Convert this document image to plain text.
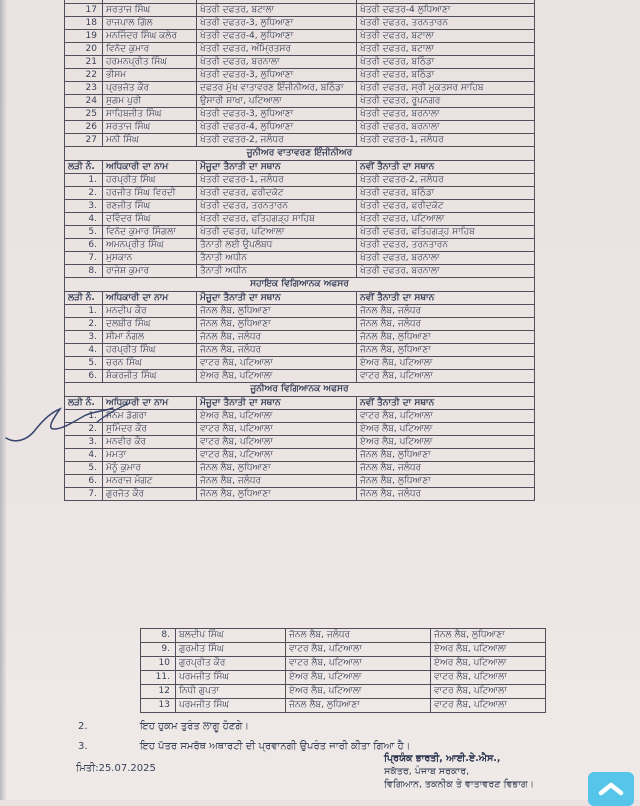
17	ਸਰਤਾਜ ਸਿੰਘ	ਖੇਤਰੀ ਦਫਤਰ, ਬਟਾਲਾ	ਖੇਤਰੀ ਦਫਤਰ-4 ਲੁਧਿਆਣਾ
18	ਰਾਜਪਾਲ ਗਿੱਲ	ਖੇਤਰੀ ਦਫਤਰ-3, ਲੁਧਿਆਣਾ	ਖੇਤਰੀ ਦਫਤਰ, ਤਰਨਤਾਰਨ
19	ਮਨਜਿੰਦਰ ਸਿੰਘ ਕਲੇਰ	ਖੇਤਰੀ ਦਫਤਰ-4, ਲੁਧਿਆਣਾ	ਖੇਤਰੀ ਦਫਤਰ, ਬਟਾਲਾ
20	ਵਿਨੋਦ ਕੁਮਾਰ	ਖੇਤਰੀ ਦਫਤਰ, ਅੰਮ੍ਰਿਤਸਰ	ਖੇਤਰੀ ਦਫਤਰ, ਬਟਾਲਾ
21	ਹਰਮਨਪ੍ਰੀਤ ਸਿੰਘ	ਖੇਤਰੀ ਦਫਤਰ, ਬਰਨਾਲਾ	ਖੇਤਰੀ ਦਫਤਰ, ਬਠਿੰਡਾ
22	ਭੀਸਮ	ਖੇਤਰੀ ਦਫਤਰ-3, ਲੁਧਿਆਣਾ	ਖੇਤਰੀ ਦਫਤਰ, ਬਠਿੰਡਾ
23	ਪ੍ਰਭਜੋਤ ਕੌਰ	ਦਫਤਰ ਮੁੱਖ ਵਾਤਾਵਰਣ ਇੰਜੀਨੀਅਰ, ਬਠਿੰਡਾ	ਖੇਤਰੀ ਦਫਤਰ, ਸ੍ਰੀ ਮੁਕਤਸਰ ਸਾਹਿਬ
24	ਸੁਗਮ ਪੁਰੀ	ਉਸਾਰੀ ਸ਼ਾਖਾ, ਪਟਿਆਲਾ	ਖੇਤਰੀ ਦਫਤਰ, ਰੂਪਨਗਰ
25	ਸਾਹਿਬਜੀਤ ਸਿੰਘ	ਖੇਤਰੀ ਦਫਤਰ-3, ਲੁਧਿਆਣਾ	ਖੇਤਰੀ ਦਫਤਰ, ਬਰਨਾਲਾ
26	ਸਰਤਾਜ ਸਿੰਘ	ਖੇਤਰੀ ਦਫਤਰ-4, ਲੁਧਿਆਣਾ	ਖੇਤਰੀ ਦਫਤਰ, ਬਰਨਾਲਾ
27	ਮਨੀ ਸਿੰਘ	ਖੇਤਰੀ ਦਫਤਰ-2, ਜਲੰਧਰ	ਖੇਤਰੀ ਦਫਤਰ-1, ਜਲੰਧਰ
ਜੂਨੀਅਰ ਵਾਤਾਵਰਣ ਇੰਜੀਨੀਅਰ			
ਲੜੀ ਨੰ.	ਅਧਿਕਾਰੀ ਦਾ ਨਾਮ	ਮੌਜੂਦਾ ਤੈਨਾਤੀ ਦਾ ਸਥਾਨ	ਨਵੀਂ ਤੈਨਾਤੀ ਦਾ ਸਥਾਨ
1.	ਹਰਪ੍ਰੀਤ ਸਿੰਘ	ਖੇਤਰੀ ਦਫਤਰ-1, ਜਲੰਧਰ	ਖੇਤਰੀ ਦਫਤਰ-2, ਜਲੰਧਰ
2.	ਹਰਜੀਤ ਸਿੰਘ ਵਿਰਦੀ	ਖੇਤਰੀ ਦਫਤਰ, ਫਰੀਦਕੋਟ	ਖੇਤਰੀ ਦਫਤਰ, ਬਠਿੰਡਾ
3.	ਰਣਜੀਤ ਸਿੰਘ	ਖੇਤਰੀ ਦਫਤਰ, ਤਰਨਤਾਰਨ	ਖੇਤਰੀ ਦਫਤਰ, ਫਰੀਦਕੋਟ
4.	ਦਵਿੰਦਰ ਸਿੰਘ	ਖੇਤਰੀ ਦਫਤਰ, ਫਤਿਹਗੜ੍ਹ ਸਾਹਿਬ	ਖੇਤਰੀ ਦਫਤਰ, ਪਟਿਆਲਾ
5.	ਵਿਨੋਦ ਕੁਮਾਰ ਸਿੰਗਲਾ	ਖੇਤਰੀ ਦਫਤਰ, ਪਟਿਆਲਾ	ਖੇਤਰੀ ਦਫਤਰ, ਫਤਿਹਗੜ੍ਹ ਸਾਹਿਬ
6.	ਅਮਨਪ੍ਰੀਤ ਸਿੰਘ	ਤੈਨਾਤੀ ਲਈ ਉਪਲੱਬਧ	ਖੇਤਰੀ ਦਫਤਰ, ਤਰਨਤਾਰਨ
7.	ਮੁਸਕਾਨ	ਤੈਨਾਤੀ ਅਧੀਨ	ਖੇਤਰੀ ਦਫਤਰ, ਬਰਨਾਲਾ
8.	ਰਾਜੇਸ਼ ਕੁਮਾਰ	ਤੈਨਾਤੀ ਅਧੀਨ	ਖੇਤਰੀ ਦਫਤਰ, ਬਰਨਾਲਾ
ਸਹਾਇਕ ਵਿਗਿਆਨਕ ਅਫਸਰ			
ਲੜੀ ਨੰ.	ਅਧਿਕਾਰੀ ਦਾ ਨਾਮ	ਮੌਜੂਦਾ ਤੈਨਾਤੀ ਦਾ ਸਥਾਨ	ਨਵੀਂ ਤੈਨਾਤੀ ਦਾ ਸਥਾਨ
1.	ਮਨਦੀਪ ਕੌਰ	ਜੋਨਲ ਲੈਬ, ਲੁਧਿਆਣਾ	ਜੋਨਲ ਲੈਬ, ਜਲੰਧਰ
2.	ਦਲਬੀਰ ਸਿੰਘ	ਜੋਨਲ ਲੈਬ, ਲੁਧਿਆਣਾ	ਜੋਨਲ ਲੈਬ, ਜਲੰਧਰ
3.	ਸੀਮਾ ਨੰਗਲ	ਜੋਨਲ ਲੈਬ, ਜਲੰਧਰ	ਜੋਨਲ ਲੈਬ, ਲੁਧਿਆਣਾ
4.	ਹਰਪ੍ਰੀਤ ਸਿੰਘ	ਜੋਨਲ ਲੈਬ, ਜਲੰਧਰ	ਜੋਨਲ ਲੈਬ, ਲੁਧਿਆਣਾ
5.	ਚਰਨ ਸਿੰਘ	ਵਾਟਰ ਲੈਬ, ਪਟਿਆਲਾ	ਏਅਰ ਲੈਬ, ਪਟਿਆਲਾ
6.	ਸ਼ੰਕਰਜੀਤ ਸਿੰਘ	ਏਅਰ ਲੈਬ, ਪਟਿਆਲਾ	ਵਾਟਰ ਲੈਬ, ਪਟਿਆਲਾ
ਜੂਨੀਅਰ ਵਿਗਿਆਨਕ ਅਫਸਰ			
ਲੜੀ ਨੰ.	ਅਧਿਕਾਰੀ ਦਾ ਨਾਮ	ਮੌਜੂਦਾ ਤੈਨਾਤੀ ਦਾ ਸਥਾਨ	ਨਵੀਂ ਤੈਨਾਤੀ ਦਾ ਸਥਾਨ
1.	ਸੋਨਮ ਡੋਗਰਾ	ਏਅਰ ਲੈਬ, ਪਟਿਆਲਾ	ਵਾਟਰ ਲੈਬ, ਪਟਿਆਲਾ
2.	ਸੁਮਿੰਦਰ ਕੌਰ	ਵਾਟਰ ਲੈਬ, ਪਟਿਆਲਾ	ਏਅਰ ਲੈਬ, ਪਟਿਆਲਾ
3.	ਮਨਵੀਰ ਕੌਰ	ਵਾਟਰ ਲੈਬ, ਪਟਿਆਲਾ	ਏਅਰ ਲੈਬ, ਪਟਿਆਲਾ
4.	ਮਮਤਾ	ਵਾਟਰ ਲੈਬ, ਪਟਿਆਲਾ	ਜੋਨਲ ਲੈਬ, ਲੁਧਿਆਣਾ
5.	ਮੋਨੂੰ ਕੁਮਾਰ	ਜੋਨਲ ਲੈਬ, ਲੁਧਿਆਣਾ	ਜੋਨਲ ਲੈਬ, ਜਲੰਧਰ
6.	ਮਨਰਾਜ ਮੰਗਟ	ਜੋਨਲ ਲੈਬ, ਜਲੰਧਰ	ਜੋਨਲ ਲੈਬ, ਲੁਧਿਆਣਾ
7.	ਗੁਰਜੋਤ ਕੌਰ	ਜੋਨਲ ਲੈਬ, ਲੁਧਿਆਣਾ	ਜੋਨਲ ਲੈਬ, ਜਲੰਧਰ
8.	ਬਲਦੀਪ ਸਿੰਘ	ਜੋਨਲ ਲੈਬ, ਜਲੰਧਰ	ਜੋਨਲ ਲੈਬ, ਲੁਧਿਆਣਾ
9.	ਗੁਰਮੀਤ ਸਿੰਘ	ਵਾਟਰ ਲੈਬ, ਪਟਿਆਲਾ	ਏਅਰ ਲੈਬ, ਪਟਿਆਲਾ
10	ਗੁਰਪ੍ਰੀਤ ਕੌਰ	ਵਾਟਰ ਲੈਬ, ਪਟਿਆਲਾ	ਏਅਰ ਲੈਬ, ਪਟਿਆਲਾ
11.	ਪਰਮਜੀਤ ਸਿੰਘ	ਏਅਰ ਲੈਬ, ਪਟਿਆਲਾ	ਵਾਟਰ ਲੈਬ, ਪਟਿਆਲਾ
12	ਨਿਧੀ ਗੁਪਤਾ	ਏਅਰ ਲੈਬ, ਪਟਿਆਲਾ	ਵਾਟਰ ਲੈਬ, ਪਟਿਆਲਾ
13	ਪਰਮਜੀਤ ਸਿੰਘ	ਜੋਨਲ ਲੈਬ, ਲੁਧਿਆਣਾ	ਵਾਟਰ ਲੈਬ, ਪਟਿਆਲਾ
2.	ਇਹ ਹੁਕਮ ਤੁਰੰਤ ਲਾਗੂ ਹੋਣਗੇ।
3.	ਇਹ ਪੱਤਰ ਸਮਰੱਥ ਅਥਾਰਟੀ ਦੀ ਪ੍ਰਵਾਨਗੀ ਉਪਰੰਤ ਜਾਰੀ ਕੀਤਾ ਗਿਆ ਹੈ।
ਮਿਤੀ:25.07.2025
ਪ੍ਰਿਯੰਕ ਭਾਰਤੀ, ਆਈ.ਏ.ਐਸ.,
ਸਕੱਤਰ, ਪੰਜਾਬ ਸਰਕਾਰ,
ਵਿਗਿਆਨ, ਤਕਨੀਕ ਤੇ ਵਾਤਾਵਰਣ ਵਿਭਾਗ।
